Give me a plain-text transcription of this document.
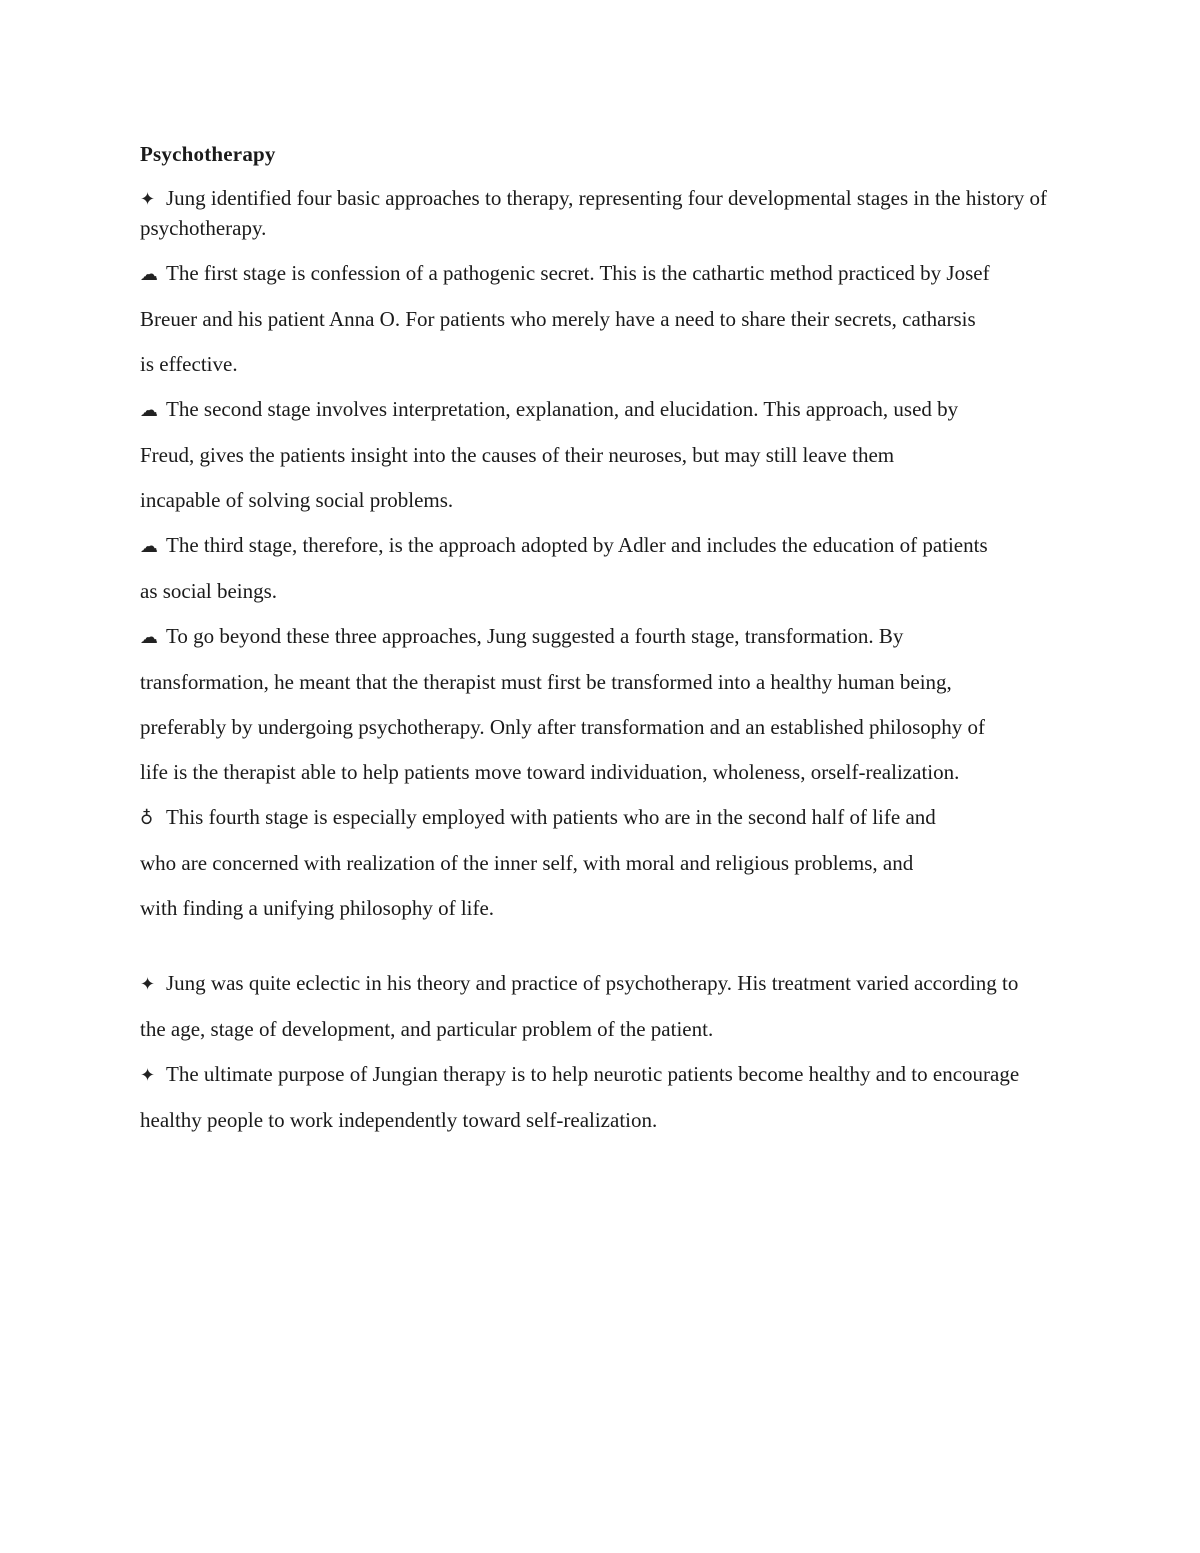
Psychotherapy
✦ Jung identified four basic approaches to therapy, representing four developmental stages in the history of psychotherapy.
☁ The first stage is confession of a pathogenic secret. This is the cathartic method practiced by Josef
Breuer and his patient Anna O. For patients who merely have a need to share their secrets, catharsis
is effective.
☁ The second stage involves interpretation, explanation, and elucidation. This approach, used by
Freud, gives the patients insight into the causes of their neuroses, but may still leave them
incapable of solving social problems.
☁ The third stage, therefore, is the approach adopted by Adler and includes the education of patients
as social beings.
☁ To go beyond these three approaches, Jung suggested a fourth stage, transformation. By
transformation, he meant that the therapist must first be transformed into a healthy human being,
preferably by undergoing psychotherapy. Only after transformation and an established philosophy of
life is the therapist able to help patients move toward individuation, wholeness, orself-realization.
♁ This fourth stage is especially employed with patients who are in the second half of life and
who are concerned with realization of the inner self, with moral and religious problems, and
with finding a unifying philosophy of life.
✦ Jung was quite eclectic in his theory and practice of psychotherapy. His treatment varied according to
the age, stage of development, and particular problem of the patient.
✦ The ultimate purpose of Jungian therapy is to help neurotic patients become healthy and to encourage
healthy people to work independently toward self-realization.
